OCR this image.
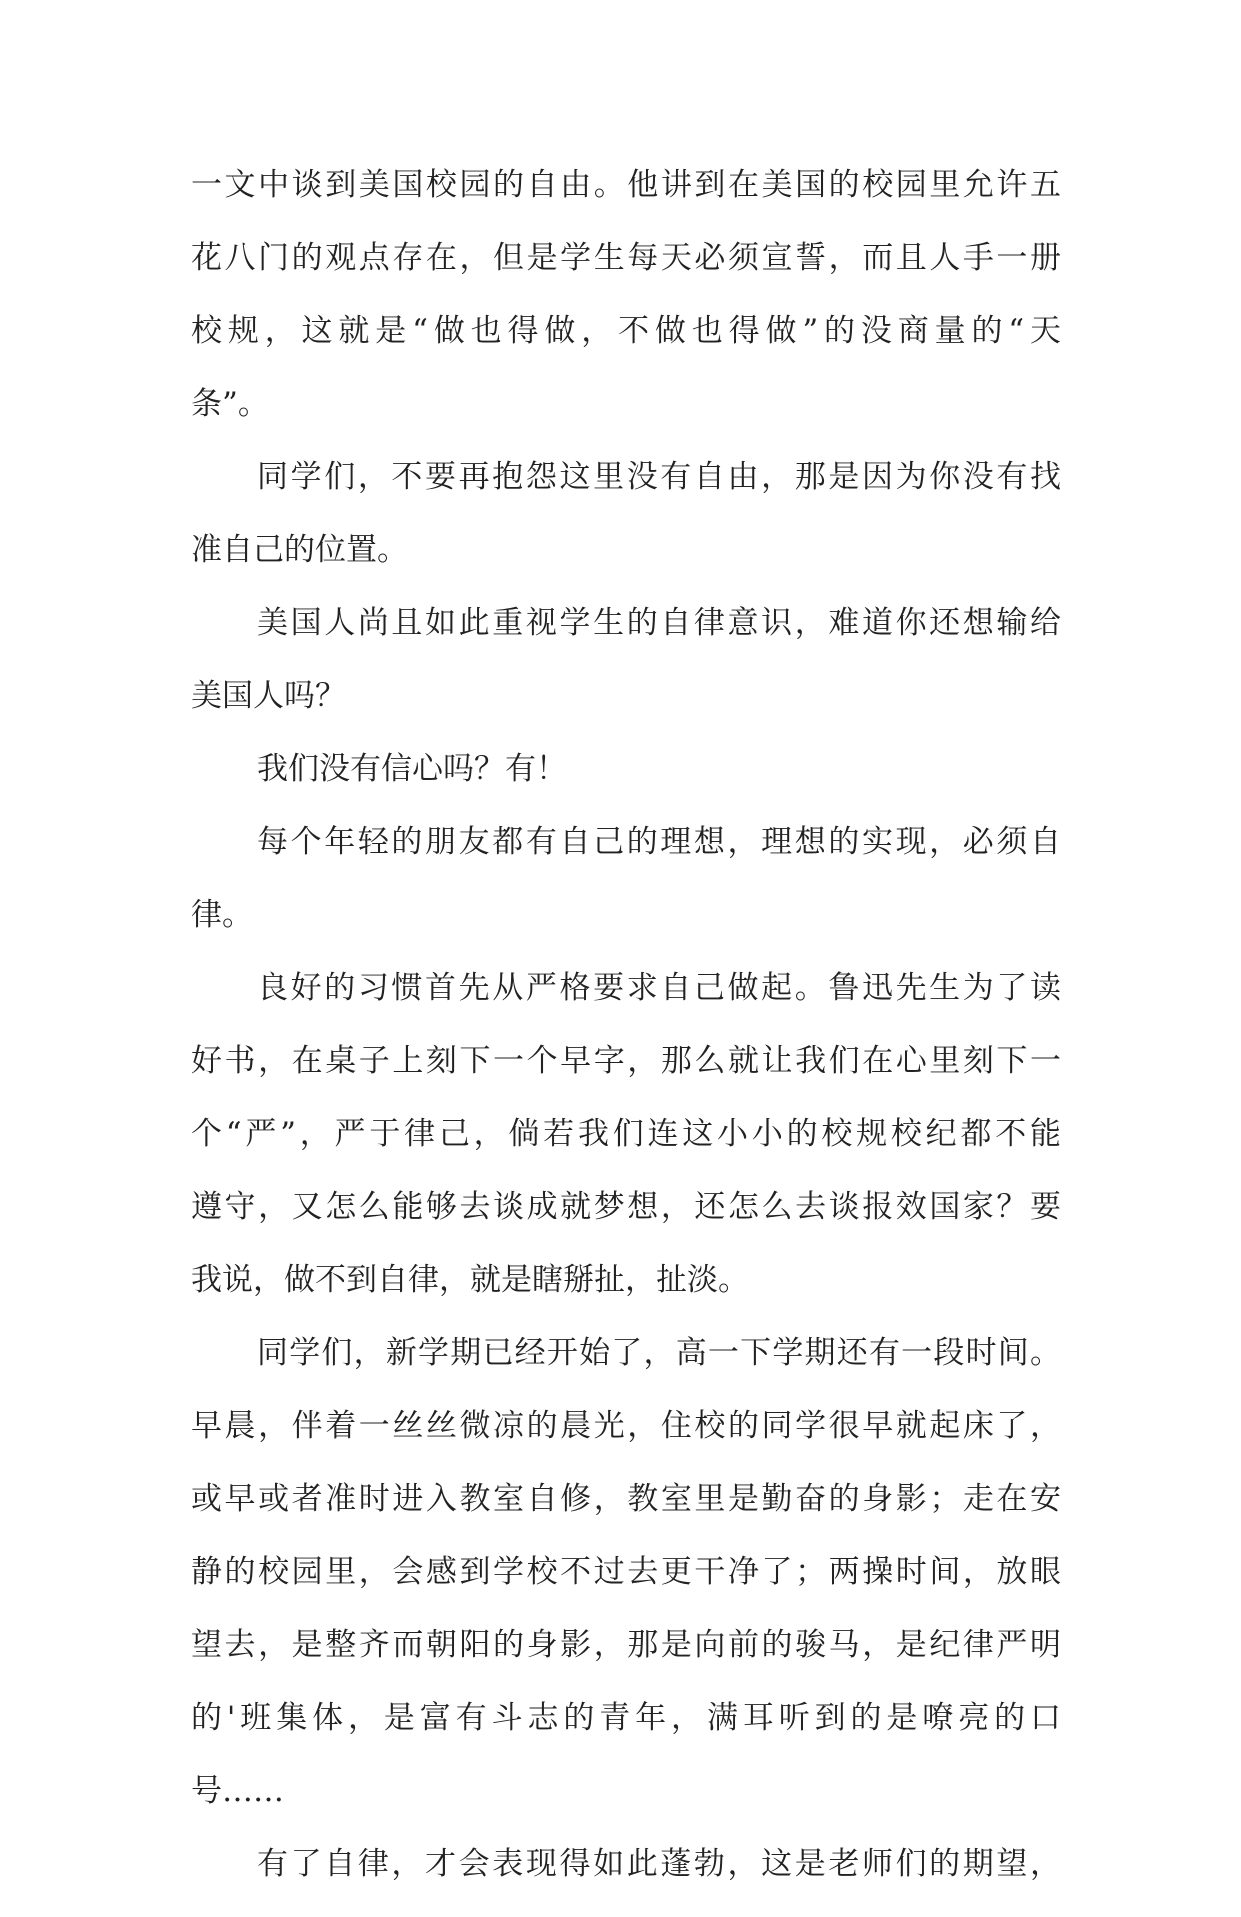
一文中谈到美国校园的自由。他讲到在美国的校园里允许五
花八门的观点存在，但是学生每天必须宣誓，而且人手一册
校规，这就是“做也得做，不做也得做”的没商量的“天
条”。
同学们，不要再抱怨这里没有自由，那是因为你没有找
准自己的位置。
美国人尚且如此重视学生的自律意识，难道你还想输给
美国人吗？
我们没有信心吗？有！
每个年轻的朋友都有自己的理想，理想的实现，必须自
律。
良好的习惯首先从严格要求自己做起。鲁迅先生为了读
好书，在桌子上刻下一个早字，那么就让我们在心里刻下一
个“严”，严于律己，倘若我们连这小小的校规校纪都不能
遵守，又怎么能够去谈成就梦想，还怎么去谈报效国家？要
我说，做不到自律，就是瞎掰扯，扯淡。
同学们，新学期已经开始了，高一下学期还有一段时间。
早晨，伴着一丝丝微凉的晨光，住校的同学很早就起床了，
或早或者准时进入教室自修，教室里是勤奋的身影；走在安
静的校园里，会感到学校不过去更干净了；两操时间，放眼
望去，是整齐而朝阳的身影，那是向前的骏马，是纪律严明
的'班集体，是富有斗志的青年，满耳听到的是嘹亮的口
号……
有了自律，才会表现得如此蓬勃，这是老师们的期望，
